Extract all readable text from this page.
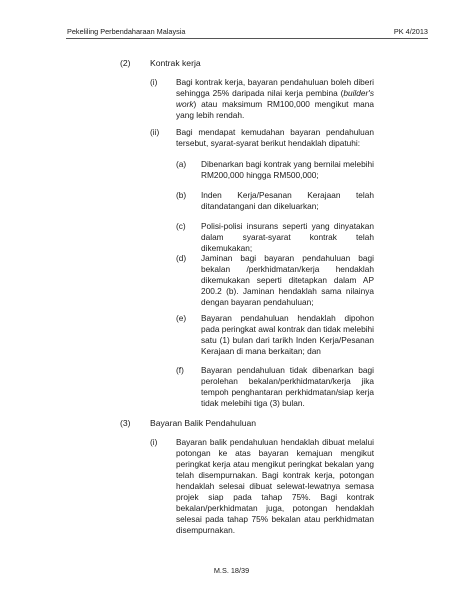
Pekeliling Perbendaharaan Malaysia	PK 4/2013
(2) Kontrak kerja
(i) Bagi kontrak kerja, bayaran pendahuluan boleh diberi sehingga 25% daripada nilai kerja pembina (builder's work) atau maksimum RM100,000 mengikut mana yang lebih rendah.
(ii) Bagi mendapat kemudahan bayaran pendahuluan tersebut, syarat-syarat berikut hendaklah dipatuhi:
(a) Dibenarkan bagi kontrak yang bernilai melebihi RM200,000 hingga RM500,000;
(b) Inden Kerja/Pesanan Kerajaan telah ditandatangani dan dikeluarkan;
(c) Polisi-polisi insurans seperti yang dinyatakan dalam syarat-syarat kontrak telah dikemukakan;
(d) Jaminan bagi bayaran pendahuluan bagi bekalan /perkhidmatan/kerja hendaklah dikemukakan seperti ditetapkan dalam AP 200.2 (b). Jaminan hendaklah sama nilainya dengan bayaran pendahuluan;
(e) Bayaran pendahuluan hendaklah dipohon pada peringkat awal kontrak dan tidak melebihi satu (1) bulan dari tarikh Inden Kerja/Pesanan Kerajaan di mana berkaitan; dan
(f) Bayaran pendahuluan tidak dibenarkan bagi perolehan bekalan/perkhidmatan/kerja jika tempoh penghantaran perkhidmatan/siap kerja tidak melebihi tiga (3) bulan.
(3) Bayaran Balik Pendahuluan
(i) Bayaran balik pendahuluan hendaklah dibuat melalui potongan ke atas bayaran kemajuan mengikut peringkat kerja atau mengikut peringkat bekalan yang telah disempurnakan. Bagi kontrak kerja, potongan hendaklah selesai dibuat selewat-lewatnya semasa projek siap pada tahap 75%. Bagi kontrak bekalan/perkhidmatan juga, potongan hendaklah selesai pada tahap 75% bekalan atau perkhidmatan disempurnakan.
M.S. 18/39
